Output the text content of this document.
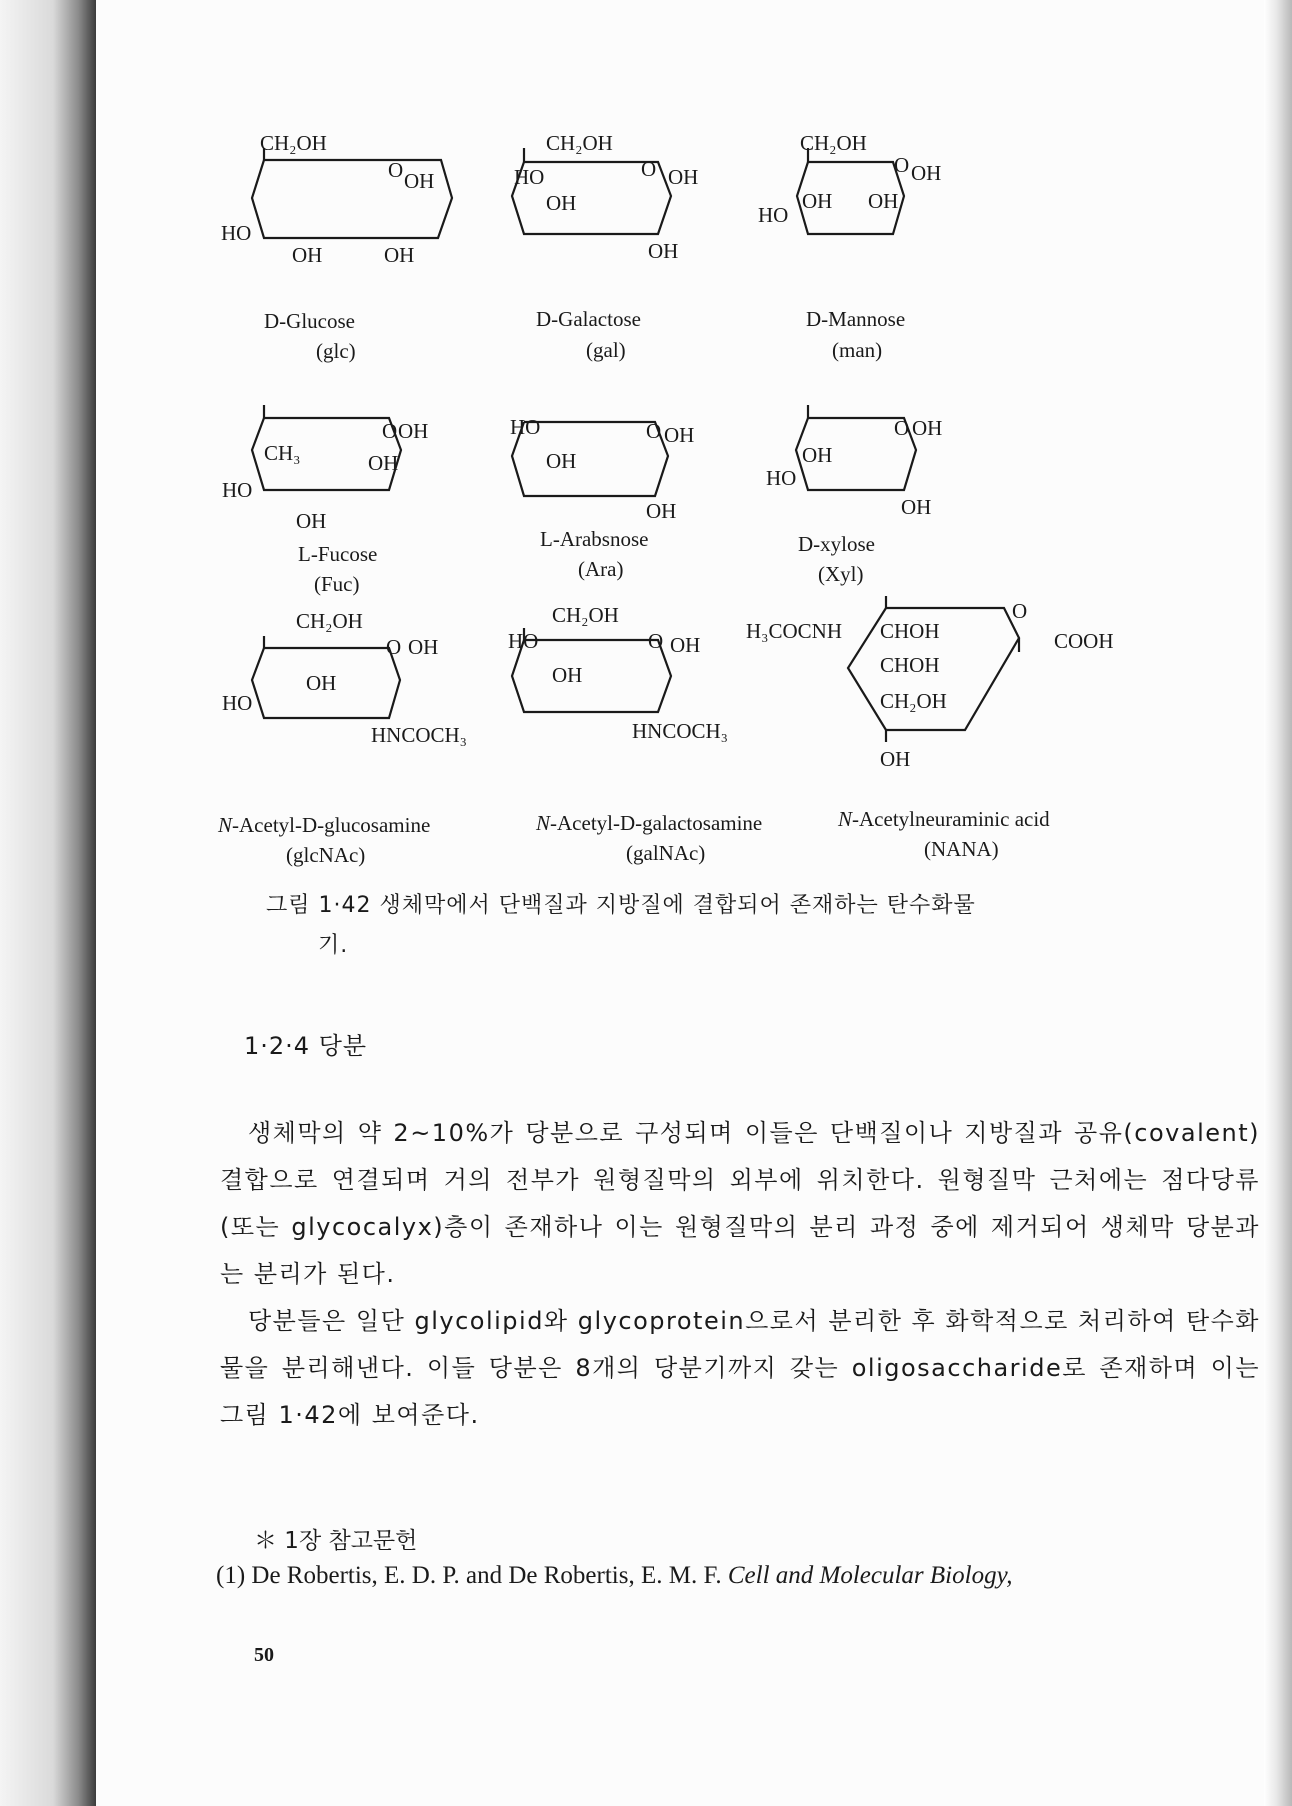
CH₂OH
O OH
HO
OH	OH
D-Glucose
(glc)
CH₂OH
HO	O OH
OH
OH
D-Galactose
(gal)
CH₂OH
O OH
HO
OH OH
D-Mannose
(man)
O OH
CH₃	OH
HO
OH
L-Fucose
(Fuc)
HO	O OH
OH
OH
L-Arabsnose
(Ara)
O OH
OH
HO
OH
D-xylose
(Xyl)
CH₂OH
O OH
OH
HO
HNCOCH₃
N-Acetyl-D-glucosamine
(glcNAc)
CH₂OH
HO	O OH
OH
HNCOCH₃
N-Acetyl-D-galactosamine
(galNAc)
H₃COCNH CHOH
CHOH
CH₂OH
O
COOH
OH
N-Acetylneuraminic acid
(NANA)
그림 1·42 생체막에서 단백질과 지방질에 결합되어 존재하는 탄수화물
기.
1·2·4 당분

생체막의 약 2~10%가 당분으로 구성되며 이들은 단백질이나 지방질과 공유(covalent)결합으로 연결되며 거의 전부가 원형질막의 외부에 위치한다. 원형질막 근처에는 점다당류(또는 glycocalyx)층이 존재하나 이는 원형질막의 분리 과정 중에 제거되어 생체막 당분과는 분리가 된다.

당분들은 일단 glycolipid와 glycoprotein으로서 분리한 후 화학적으로 처리하여 탄수화물을 분리해낸다. 이들 당분은 8개의 당분기까지 갖는 oligosaccharide로 존재하며 이는 그림 1·42에 보여준다.

＊ 1장 참고문헌
(1) De Robertis, E. D. P. and De Robertis, E. M. F. Cell and Molecular Biology,
50
